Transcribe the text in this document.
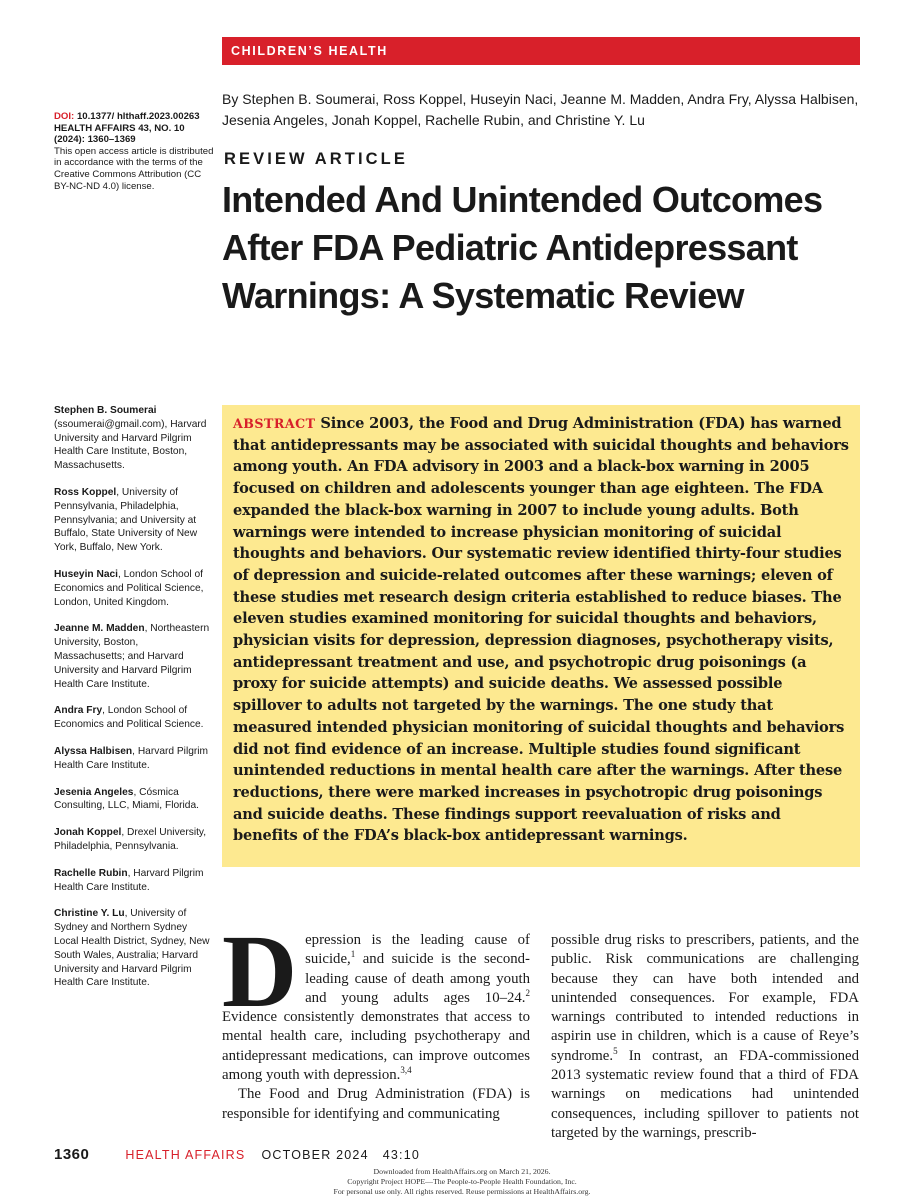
CHILDREN’S HEALTH
By Stephen B. Soumerai, Ross Koppel, Huseyin Naci, Jeanne M. Madden, Andra Fry, Alyssa Halbisen, Jesenia Angeles, Jonah Koppel, Rachelle Rubin, and Christine Y. Lu
DOI: 10.1377/ hlthaff.2023.00263
HEALTH AFFAIRS 43, NO. 10 (2024): 1360–1369
This open access article is distributed in accordance with the terms of the Creative Commons Attribution (CC BY-NC-ND 4.0) license.
REVIEW ARTICLE
Intended And Unintended Outcomes After FDA Pediatric Antidepressant Warnings: A Systematic Review

Stephen B. Soumerai (ssoumerai@gmail.com), Harvard University and Harvard Pilgrim Health Care Institute, Boston, Massachusetts.

Ross Koppel, University of Pennsylvania, Philadelphia, Pennsylvania; and University at Buffalo, State University of New York, Buffalo, New York.

Huseyin Naci, London School of Economics and Political Science, London, United Kingdom.

Jeanne M. Madden, Northeastern University, Boston, Massachusetts; and Harvard University and Harvard Pilgrim Health Care Institute.

Andra Fry, London School of Economics and Political Science.

Alyssa Halbisen, Harvard Pilgrim Health Care Institute.

Jesenia Angeles, Cósmica Consulting, LLC, Miami, Florida.

Jonah Koppel, Drexel University, Philadelphia, Pennsylvania.

Rachelle Rubin, Harvard Pilgrim Health Care Institute.

Christine Y. Lu, University of Sydney and Northern Sydney Local Health District, Sydney, New South Wales, Australia; Harvard University and Harvard Pilgrim Health Care Institute.

ABSTRACT Since 2003, the Food and Drug Administration (FDA) has warned that antidepressants may be associated with suicidal thoughts and behaviors among youth. An FDA advisory in 2003 and a black-box warning in 2005 focused on children and adolescents younger than age eighteen. The FDA expanded the black-box warning in 2007 to include young adults. Both warnings were intended to increase physician monitoring of suicidal thoughts and behaviors. Our systematic review identified thirty-four studies of depression and suicide-related outcomes after these warnings; eleven of these studies met research design criteria established to reduce biases. The eleven studies examined monitoring for suicidal thoughts and behaviors, physician visits for depression, depression diagnoses, psychotherapy visits, antidepressant treatment and use, and psychotropic drug poisonings (a proxy for suicide attempts) and suicide deaths. We assessed possible spillover to adults not targeted by the warnings. The one study that measured intended physician monitoring of suicidal thoughts and behaviors did not find evidence of an increase. Multiple studies found significant unintended reductions in mental health care after the warnings. After these reductions, there were marked increases in psychotropic drug poisonings and suicide deaths. These findings support reevaluation of risks and benefits of the FDA’s black-box antidepressant warnings.

Depression is the leading cause of suicide,$^1$ and suicide is the second-leading cause of death among youth and young adults ages 10–24.$^2$ Evidence consistently demonstrates that access to mental health care, including psychotherapy and antidepressant medications, can improve outcomes among youth with depression.$^{3,4}$

The Food and Drug Administration (FDA) is responsible for identifying and communicating

possible drug risks to prescribers, patients, and the public. Risk communications are challenging because they can have both intended and unintended consequences. For example, FDA warnings contributed to intended reductions in aspirin use in children, which is a cause of Reye’s syndrome.$^5$ In contrast, an FDA-commissioned 2013 systematic review found that a third of FDA warnings on medications had unintended consequences, including spillover to patients not targeted by the warnings, prescrib-

1360	HEALTH AFFAIRS OCTOBER 2024 43:10
Downloaded from HealthAffairs.org on March 21, 2026.
Copyright Project HOPE—The People-to-People Health Foundation, Inc.
For personal use only. All rights reserved. Reuse permissions at HealthAffairs.org.
